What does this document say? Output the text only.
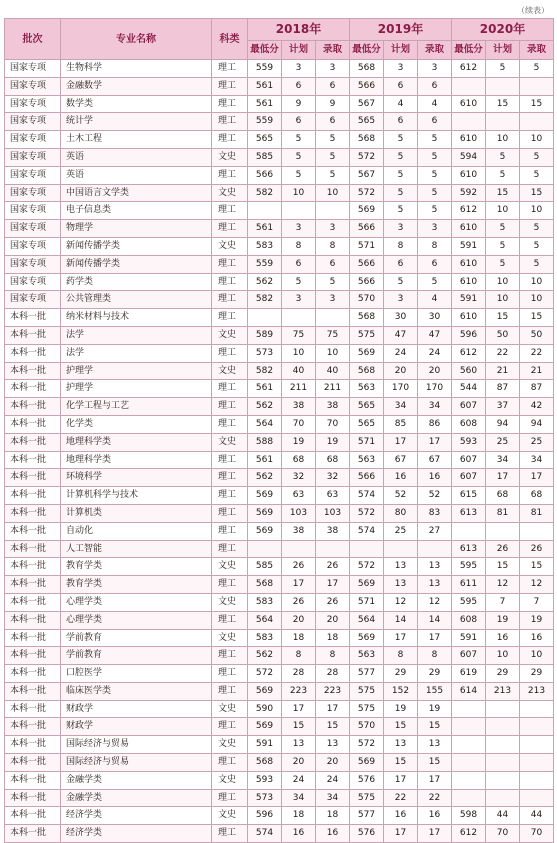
（续表）
批次	专业名称	科类	2018年			2019年			2020年		
			最低分	计划	录取	最低分	计划	录取	最低分	计划	录取
国家专项	生物科学	理工	559	3	3	568	3	3	612	5	5
国家专项	金融数学	理工	561	6	6	566	6	6			
国家专项	数学类	理工	561	9	9	567	4	4	610	15	15
国家专项	统计学	理工	559	6	6	565	6	6			
国家专项	土木工程	理工	565	5	5	568	5	5	610	10	10
国家专项	英语	文史	585	5	5	572	5	5	594	5	5
国家专项	英语	理工	566	5	5	567	5	5	610	5	5
国家专项	中国语言文学类	文史	582	10	10	572	5	5	592	15	15
国家专项	电子信息类	理工				569	5	5	612	10	10
国家专项	物理学	理工	561	3	3	566	3	3	610	5	5
国家专项	新闻传播学类	文史	583	8	8	571	8	8	591	5	5
国家专项	新闻传播学类	理工	559	6	6	566	6	6	610	5	5
国家专项	药学类	理工	562	5	5	566	5	5	610	10	10
国家专项	公共管理类	理工	582	3	3	570	3	4	591	10	10
本科一批	纳米材料与技术	理工				568	30	30	610	15	15
本科一批	法学	文史	589	75	75	575	47	47	596	50	50
本科一批	法学	理工	573	10	10	569	24	24	612	22	22
本科一批	护理学	文史	582	40	40	568	20	20	560	21	21
本科一批	护理学	理工	561	211	211	563	170	170	544	87	87
本科一批	化学工程与工艺	理工	562	38	38	565	34	34	607	37	42
本科一批	化学类	理工	564	70	70	565	85	86	608	94	94
本科一批	地理科学类	文史	588	19	19	571	17	17	593	25	25
本科一批	地理科学类	理工	561	68	68	563	67	67	607	34	34
本科一批	环境科学	理工	562	32	32	566	16	16	607	17	17
本科一批	计算机科学与技术	理工	569	63	63	574	52	52	615	68	68
本科一批	计算机类	理工	569	103	103	572	80	83	613	81	81
本科一批	自动化	理工	569	38	38	574	25	27			
本科一批	人工智能	理工							613	26	26
本科一批	教育学类	文史	585	26	26	572	13	13	595	15	15
本科一批	教育学类	理工	568	17	17	569	13	13	611	12	12
本科一批	心理学类	文史	583	26	26	571	12	12	595	7	7
本科一批	心理学类	理工	564	20	20	564	14	14	608	19	19
本科一批	学前教育	文史	583	18	18	569	17	17	591	16	16
本科一批	学前教育	理工	562	8	8	563	8	8	607	10	10
本科一批	口腔医学	理工	572	28	28	577	29	29	619	29	29
本科一批	临床医学类	理工	569	223	223	575	152	155	614	213	213
本科一批	财政学	文史	590	17	17	575	19	19			
本科一批	财政学	理工	569	15	15	570	15	15			
本科一批	国际经济与贸易	文史	591	13	13	572	13	13			
本科一批	国际经济与贸易	理工	568	20	20	569	15	15			
本科一批	金融学类	文史	593	24	24	576	17	17			
本科一批	金融学类	理工	573	34	34	575	22	22			
本科一批	经济学类	文史	596	18	18	577	16	16	598	44	44
本科一批	经济学类	理工	574	16	16	576	17	17	612	70	70
